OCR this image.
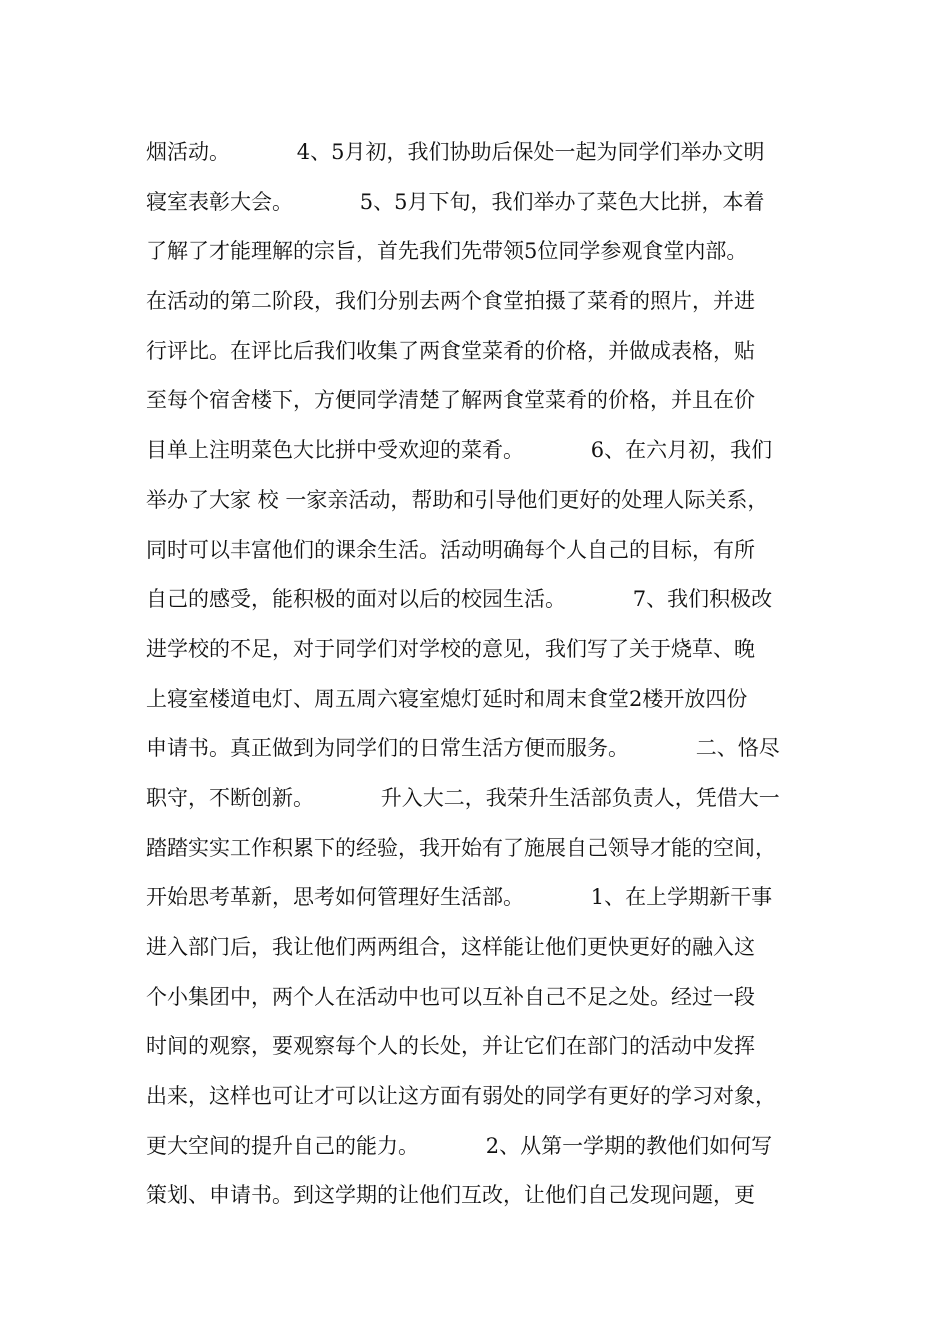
烟活动。          4、5月初，我们协助后保处一起为同学们举办文明
寝室表彰大会。          5、5月下旬，我们举办了菜色大比拼，本着
了解了才能理解的宗旨，首先我们先带领5位同学参观食堂内部。
在活动的第二阶段，我们分别去两个食堂拍摄了菜肴的照片，并进
行评比。在评比后我们收集了两食堂菜肴的价格，并做成表格，贴
至每个宿舍楼下，方便同学清楚了解两食堂菜肴的价格，并且在价
目单上注明菜色大比拼中受欢迎的菜肴。          6、在六月初，我们
举办了大家 校 一家亲活动，帮助和引导他们更好的处理人际关系，
同时可以丰富他们的课余生活。活动明确每个人自己的目标，有所
自己的感受，能积极的面对以后的校园生活。          7、我们积极改
进学校的不足，对于同学们对学校的意见，我们写了关于烧草、晚
上寝室楼道电灯、周五周六寝室熄灯延时和周末食堂2楼开放四份
申请书。真正做到为同学们的日常生活方便而服务。          二、恪尽
职守，不断创新。          升入大二，我荣升生活部负责人，凭借大一
踏踏实实工作积累下的经验，我开始有了施展自己领导才能的空间，
开始思考革新，思考如何管理好生活部。          1、在上学期新干事
进入部门后，我让他们两两组合，这样能让他们更快更好的融入这
个小集团中，两个人在活动中也可以互补自己不足之处。经过一段
时间的观察，要观察每个人的长处，并让它们在部门的活动中发挥
出来，这样也可让才可以让这方面有弱处的同学有更好的学习对象，
更大空间的提升自己的能力。          2、从第一学期的教他们如何写
策划、申请书。到这学期的让他们互改，让他们自己发现问题，更
